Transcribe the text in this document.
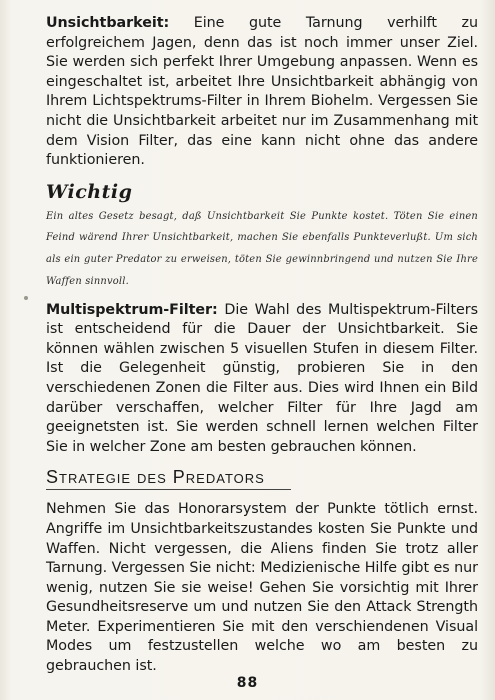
Unsichtbarkeit: Eine gute Tarnung verhilft zu erfolgreichem Jagen, denn das ist noch immer unser Ziel. Sie werden sich perfekt Ihrer Umgebung anpassen. Wenn es eingeschaltet ist, arbeitet Ihre Unsichtbarkeit abhängig von Ihrem Lichtspektrums-Filter in Ihrem Biohelm. Vergessen Sie nicht die Unsichtbarkeit arbeitet nur im Zusammenhang mit dem Vision Filter, das eine kann nicht ohne das andere funktionieren.

Wichtig
Ein altes Gesetz besagt, daß Unsichtbarkeit Sie Punkte kostet. Töten Sie einen Feind wärend Ihrer Unsichtbarkeit, machen Sie ebenfalls Punkteverlußt. Um sich als ein guter Predator zu erweisen, töten Sie gewinnbringend und nutzen Sie Ihre Waffen sinnvoll.

Multispektrum-Filter: Die Wahl des Multispektrum-Filters ist entscheidend für die Dauer der Unsichtbarkeit. Sie können wählen zwischen 5 visuellen Stufen in diesem Filter. Ist die Gelegenheit günstig, probieren Sie in den verschiedenen Zonen die Filter aus. Dies wird Ihnen ein Bild darüber verschaffen, welcher Filter für Ihre Jagd am geeignetsten ist. Sie werden schnell lernen welchen Filter Sie in welcher Zone am besten gebrauchen können.

Strategie des Predators

Nehmen Sie das Honorarsystem der Punkte tötlich ernst. Angriffe im Unsichtbarkeitszustandes kosten Sie Punkte und Waffen. Nicht vergessen, die Aliens finden Sie trotz aller Tarnung. Vergessen Sie nicht: Medizienische Hilfe gibt es nur wenig, nutzen Sie sie weise! Gehen Sie vorsichtig mit Ihrer Gesundheitsreserve um und nutzen Sie den Attack Strength Meter. Experimentieren Sie mit den verschiendenen Visual Modes um festzustellen welche wo am besten zu gebrauchen ist.

88
